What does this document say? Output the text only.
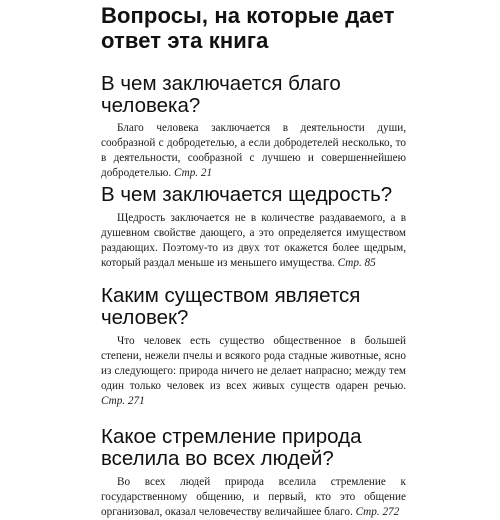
Вопросы, на которые дает ответ эта книга
В чем заключается благо человека?

Благо человека заключается в деятельности души, сообразной с добродетелью, а если добродетелей несколько, то в деятельности, сообразной с лучшею и совершеннейшею добродетелью. Стр. 21

В чем заключается щедрость?

Щедрость заключается не в количестве раздаваемого, а в душевном свойстве дающего, а это определяется имуществом раздающих. Поэтому-то из двух тот окажется более щедрым, который раздал меньше из меньшего имущества. Стр. 85

Каким существом является человек?

Что человек есть существо общественное в большей степени, нежели пчелы и всякого рода стадные животные, ясно из следующего: природа ничего не делает напрасно; между тем один только человек из всех живых существ одарен речью. Стр. 271

Какое стремление природа вселила во всех людей?

Во всех людей природа вселила стремление к государственному общению, и первый, кто это общение организовал, оказал человечеству величайшее благо. Стр. 272
